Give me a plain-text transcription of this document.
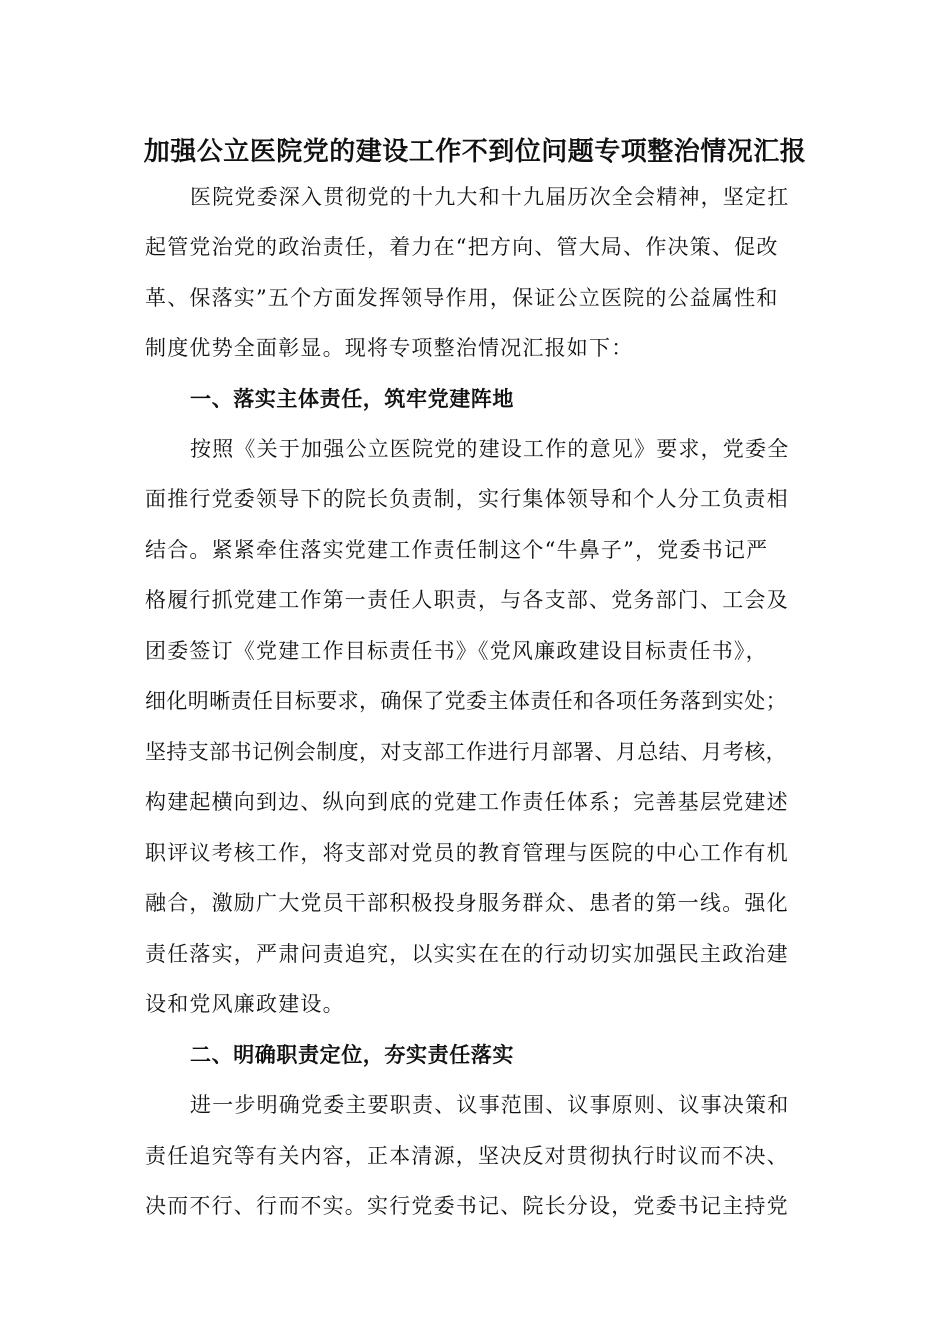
加强公立医院党的建设工作不到位问题专项整治情况汇报

医院党委深入贯彻党的十九大和十九届历次全会精神，坚定扛

起管党治党的政治责任，着力在“把方向、管大局、作决策、促改

革、保落实”五个方面发挥领导作用，保证公立医院的公益属性和

制度优势全面彰显。现将专项整治情况汇报如下：

一、落实主体责任，筑牢党建阵地

按照《关于加强公立医院党的建设工作的意见》要求，党委全

面推行党委领导下的院长负责制，实行集体领导和个人分工负责相

结合。紧紧牵住落实党建工作责任制这个“牛鼻子”，党委书记严

格履行抓党建工作第一责任人职责，与各支部、党务部门、工会及

团委签订《党建工作目标责任书》《党风廉政建设目标责任书》，

细化明晰责任目标要求，确保了党委主体责任和各项任务落到实处；

坚持支部书记例会制度，对支部工作进行月部署、月总结、月考核，

构建起横向到边、纵向到底的党建工作责任体系；完善基层党建述

职评议考核工作，将支部对党员的教育管理与医院的中心工作有机

融合，激励广大党员干部积极投身服务群众、患者的第一线。强化

责任落实，严肃问责追究，以实实在在的行动切实加强民主政治建

设和党风廉政建设。

二、明确职责定位，夯实责任落实

进一步明确党委主要职责、议事范围、议事原则、议事决策和

责任追究等有关内容，正本清源，坚决反对贯彻执行时议而不决、

决而不行、行而不实。实行党委书记、院长分设，党委书记主持党
